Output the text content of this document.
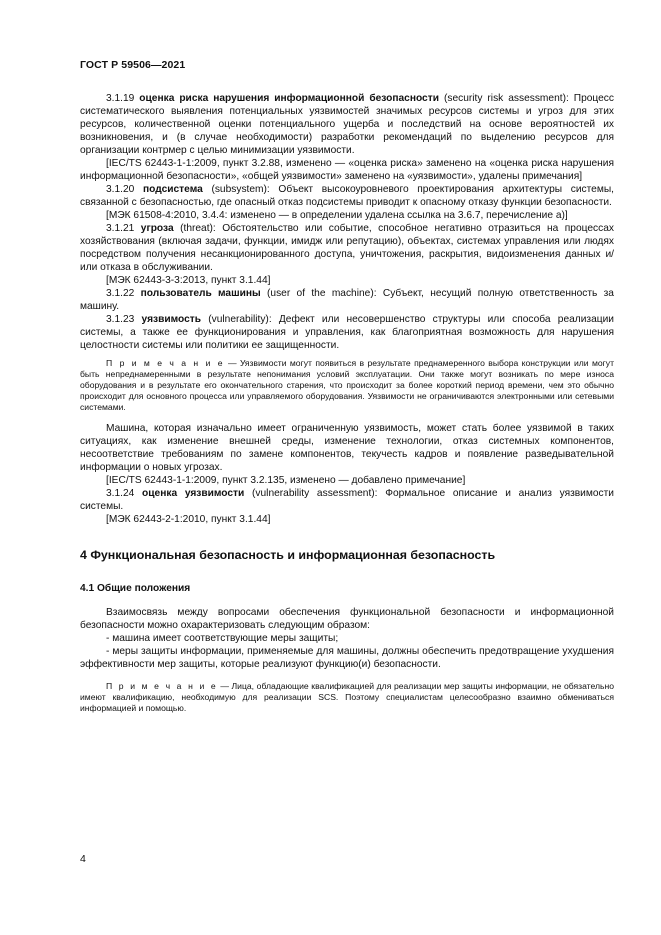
ГОСТ Р 59506—2021

3.1.19 оценка риска нарушения информационной безопасности (security risk assessment): Процесс систематического выявления потенциальных уязвимостей значимых ресурсов системы и угроз для этих ресурсов, количественной оценки потенциального ущерба и последствий на основе вероятностей их возникновения, и (в случае необходимости) разработки рекомендаций по выделению ресурсов для организации контрмер с целью минимизации уязвимости.

[IEC/TS 62443-1-1:2009, пункт 3.2.88, изменено — «оценка риска» заменено на «оценка риска нарушения информационной безопасности», «общей уязвимости» заменено на «уязвимости», удалены примечания]

3.1.20 подсистема (subsystem): Объект высокоуровневого проектирования архитектуры системы, связанной с безопасностью, где опасный отказ подсистемы приводит к опасному отказу функции безопасности.

[МЭК 61508-4:2010, 3.4.4: изменено — в определении удалена ссылка на 3.6.7, перечисление a)]

3.1.21 угроза (threat): Обстоятельство или событие, способное негативно отразиться на процессах хозяйствования (включая задачи, функции, имидж или репутацию), объектах, системах управления или людях посредством получения несанкционированного доступа, уничтожения, раскрытия, видоизменения данных и/или отказа в обслуживании.

[МЭК 62443-3-3:2013, пункт 3.1.44]

3.1.22 пользователь машины (user of the machine): Субъект, несущий полную ответственность за машину.

3.1.23 уязвимость (vulnerability): Дефект или несовершенство структуры или способа реализации системы, а также ее функционирования и управления, как благоприятная возможность для нарушения целостности системы или политики ее защищенности.

П р и м е ч а н и е — Уязвимости могут появиться в результате преднамеренного выбора конструкции или могут быть непреднамеренными в результате непонимания условий эксплуатации. Они также могут возникать по мере износа оборудования и в результате его окончательного старения, что происходит за более короткий период времени, чем это обычно происходит для основного процесса или управляемого оборудования. Уязвимости не ограничиваются электронными или сетевыми системами.

Машина, которая изначально имеет ограниченную уязвимость, может стать более уязвимой в таких ситуациях, как изменение внешней среды, изменение технологии, отказ системных компонентов, несоответствие требованиям по замене компонентов, текучесть кадров и появление разведывательной информации о новых угрозах.

[IEC/TS 62443-1-1:2009, пункт 3.2.135, изменено — добавлено примечание]

3.1.24 оценка уязвимости (vulnerability assessment): Формальное описание и анализ уязвимости системы.

[МЭК 62443-2-1:2010, пункт 3.1.44]

4 Функциональная безопасность и информационная безопасность

4.1 Общие положения

Взаимосвязь между вопросами обеспечения функциональной безопасности и информационной безопасности можно охарактеризовать следующим образом:

- машина имеет соответствующие меры защиты;

- меры защиты информации, применяемые для машины, должны обеспечить предотвращение ухудшения эффективности мер защиты, которые реализуют функцию(и) безопасности.

П р и м е ч а н и е — Лица, обладающие квалификацией для реализации мер защиты информации, не обязательно имеют квалификацию, необходимую для реализации SCS. Поэтому специалистам целесообразно взаимно обмениваться информацией и помощью.

4
